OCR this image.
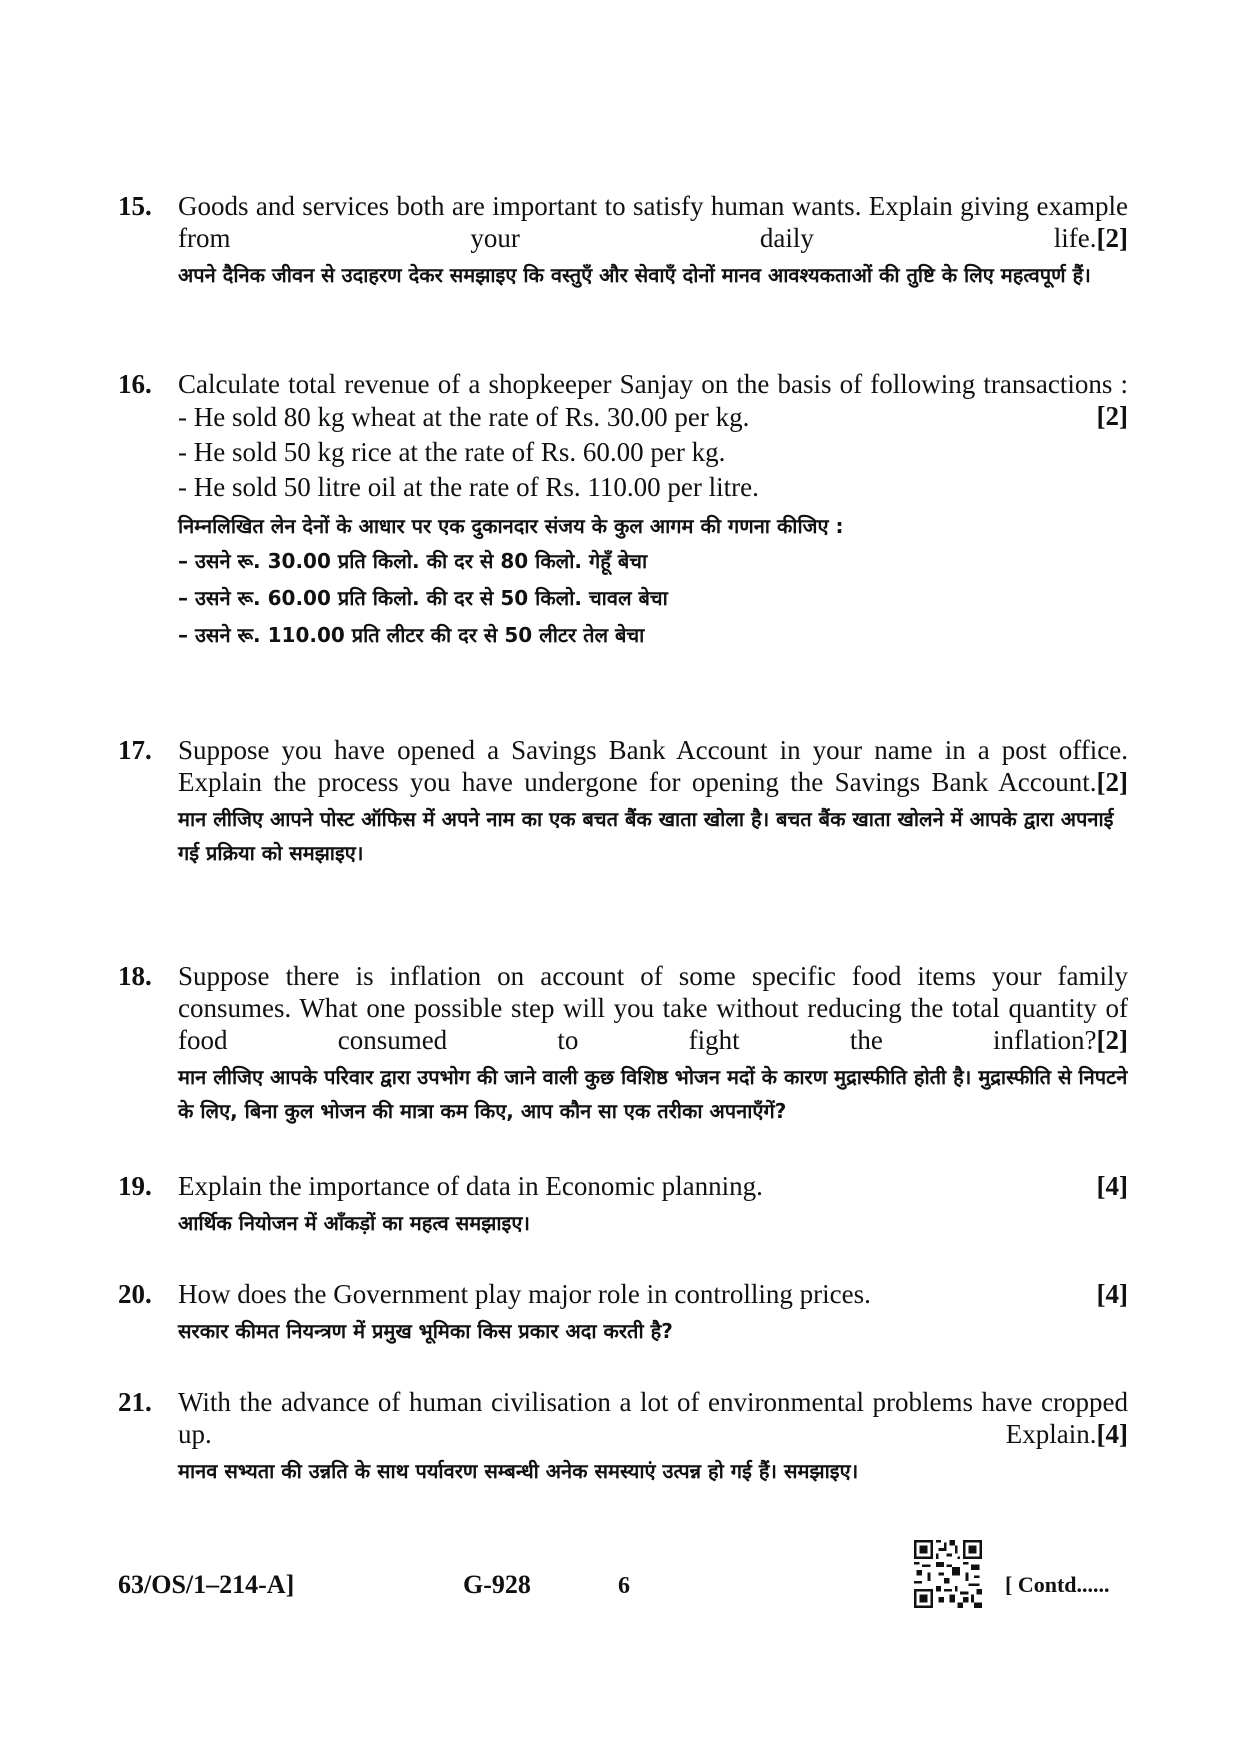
15. Goods and services both are important to satisfy human wants. Explain giving example from your daily life. [2]
अपने दैनिक जीवन से उदाहरण देकर समझाइए कि वस्तुएँ और सेवाएँ दोनों मानव आवश्यकताओं की तुष्टि के लिए महत्वपूर्ण हैं।
16. Calculate total revenue of a shopkeeper Sanjay on the basis of following transactions :
[2]
- He sold 80 kg wheat at the rate of Rs. 30.00 per kg.
- He sold 50 kg rice at the rate of Rs. 60.00 per kg.
- He sold 50 litre oil at the rate of Rs. 110.00 per litre.
निम्नलिखित लेन देनों के आधार पर एक दुकानदार संजय के कुल आगम की गणना कीजिए :
– उसने रू. 30.00 प्रति किलो. की दर से 80 किलो. गेहूँ बेचा
– उसने रू. 60.00 प्रति किलो. की दर से 50 किलो. चावल बेचा
– उसने रू. 110.00 प्रति लीटर की दर से 50 लीटर तेल बेचा
17. Suppose you have opened a Savings Bank Account in your name in a post office. Explain the process you have undergone for opening the Savings Bank Account. [2]
मान लीजिए आपने पोस्ट ऑफिस में अपने नाम का एक बचत बैंक खाता खोला है। बचत बैंक खाता खोलने में आपके द्वारा अपनाई गई प्रक्रिया को समझाइए।
18. Suppose there is inflation on account of some specific food items your family consumes. What one possible step will you take without reducing the total quantity of food consumed to fight the inflation? [2]
मान लीजिए आपके परिवार द्वारा उपभोग की जाने वाली कुछ विशिष्ठ भोजन मदों के कारण मुद्रास्फीति होती है। मुद्रास्फीति से निपटने के लिए, बिना कुल भोजन की मात्रा कम किए, आप कौन सा एक तरीका अपनाएँगें?
19. Explain the importance of data in Economic planning.	[4]
आर्थिक नियोजन में आँकड़ों का महत्व समझाइए।
20. How does the Government play major role in controlling prices.	[4]
सरकार कीमत नियन्त्रण में प्रमुख भूमिका किस प्रकार अदा करती है?
21. With the advance of human civilisation a lot of environmental problems have cropped up. Explain. [4]
मानव सभ्यता की उन्नति के साथ पर्यावरण सम्बन्धी अनेक समस्याएं उत्पन्न हो गई हैं। समझाइए।
63/OS/1–214-A]	G-928	6	[ Contd......
